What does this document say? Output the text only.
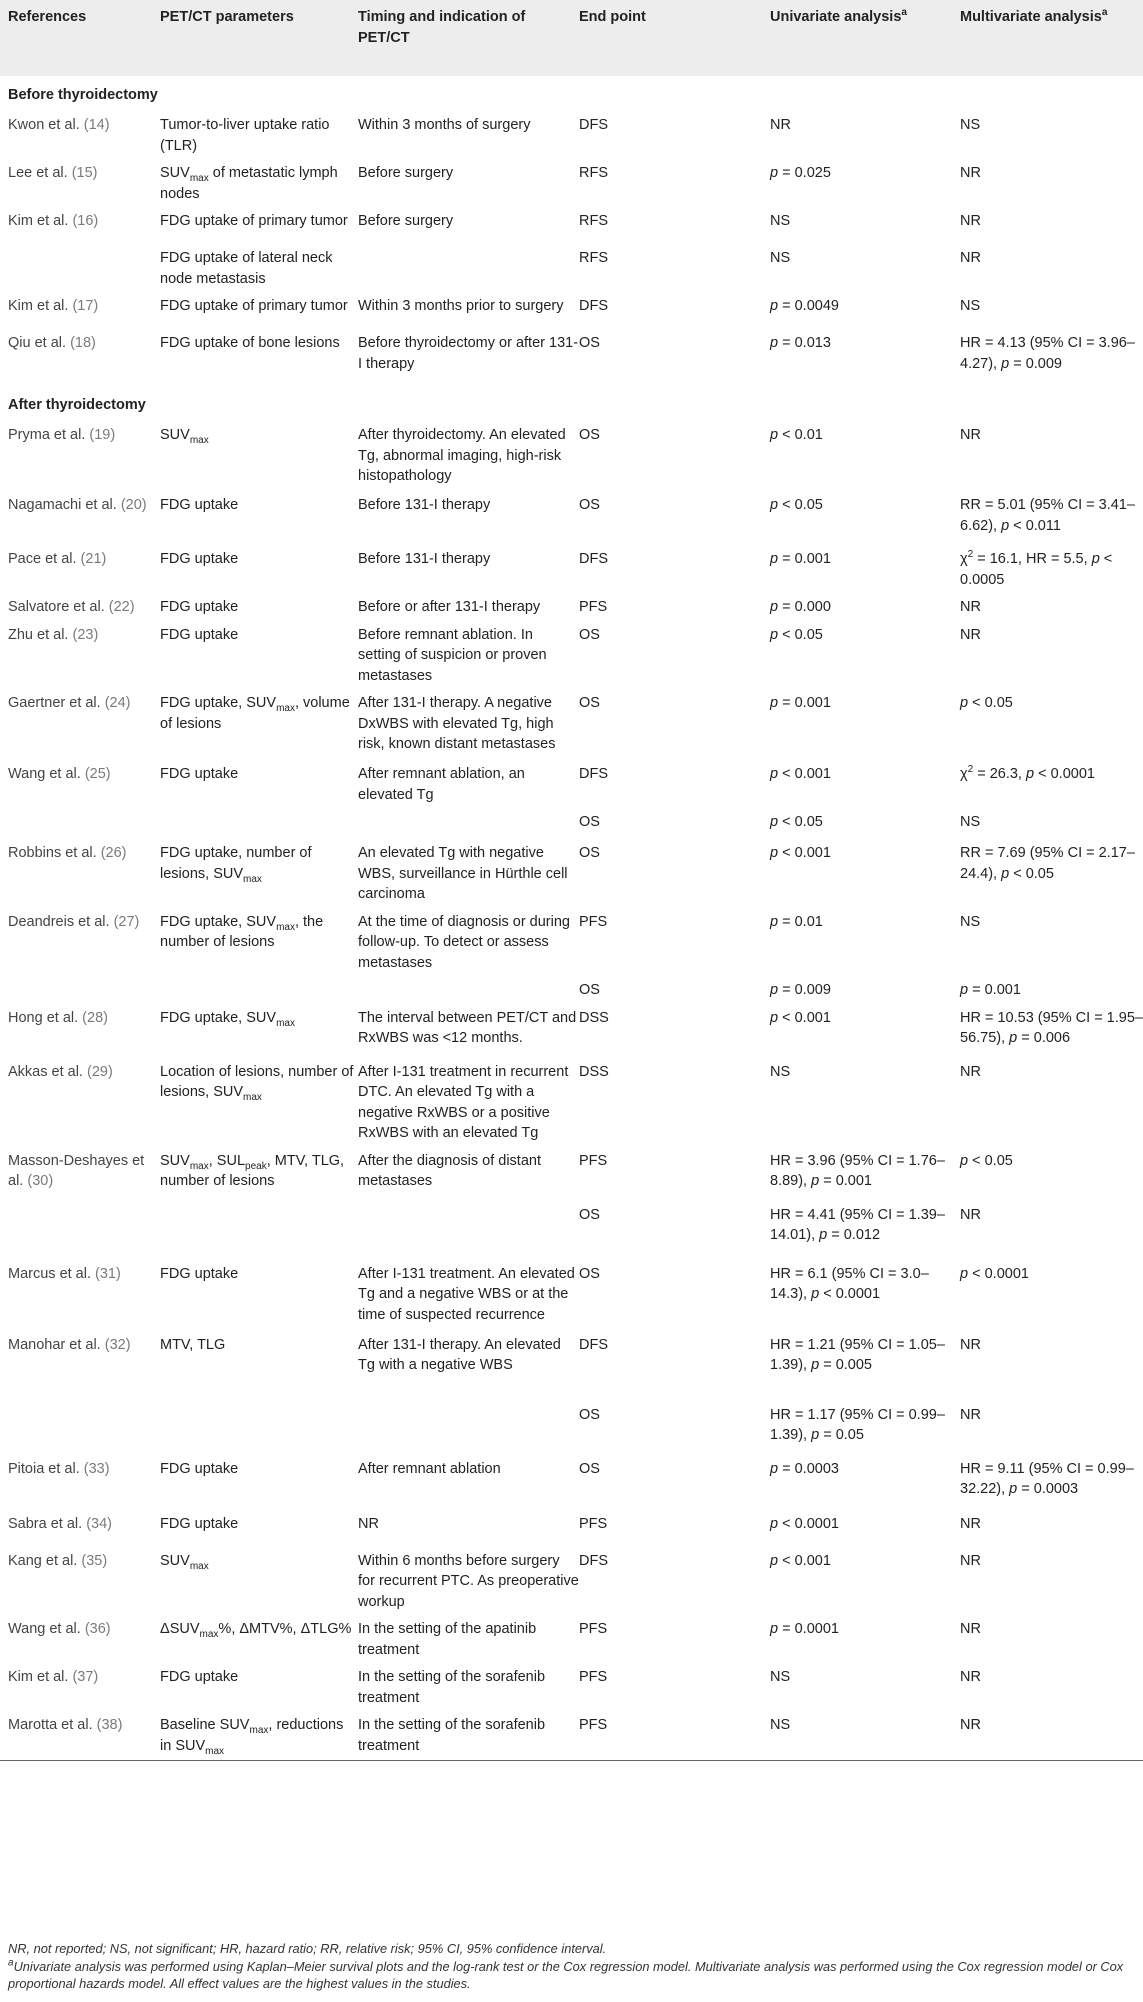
References	PET/CT parameters	Timing and indication of PET/CT	End point	Univariate analysis$^a$	Multivariate analysis$^a$
Before thyroidectomy					
Kwon et al. (14)	Tumor-to-liver uptake ratio (TLR)	Within 3 months of surgery	DFS	NR	NS
Lee et al. (15)	$SUV_{max}$ of metastatic lymph nodes	Before surgery	RFS	p = 0.025	NR
Kim et al. (16)	FDG uptake of primary tumor	Before surgery	RFS	NS	NR
	FDG uptake of lateral neck node metastasis		RFS	NS	NR
Kim et al. (17)	FDG uptake of primary tumor	Within 3 months prior to surgery	DFS	p = 0.0049	NS
Qiu et al. (18)	FDG uptake of bone lesions	Before thyroidectomy or after 131-I therapy	OS	p = 0.013	HR = 4.13 (95% CI = 3.96–4.27), p = 0.009
After thyroidectomy					
Pryma et al. (19)	$SUV_{max}$	After thyroidectomy. An elevated Tg, abnormal imaging, high-risk histopathology	OS	p < 0.01	NR
Nagamachi et al. (20)	FDG uptake	Before 131-I therapy	OS	p < 0.05	RR = 5.01 (95% CI = 3.41–6.62), p < 0.011
Pace et al. (21)	FDG uptake	Before 131-I therapy	DFS	p = 0.001	$\chi^2 = 16.1$, HR = 5.5, p < 0.0005
Salvatore et al. (22)	FDG uptake	Before or after 131-I therapy	PFS	p = 0.000	NR
Zhu et al. (23)	FDG uptake	Before remnant ablation. In setting of suspicion or proven metastases	OS	p < 0.05	NR
Gaertner et al. (24)	FDG uptake, $SUV_{max}$, volume of lesions	After 131-I therapy. A negative DxWBS with elevated Tg, high risk, known distant metastases	OS	p = 0.001	p < 0.05
Wang et al. (25)	FDG uptake	After remnant ablation, an elevated Tg	DFS	p < 0.001	$\chi^2 = 26.3$, p < 0.0001
			OS	p < 0.05	NS
Robbins et al. (26)	FDG uptake, number of lesions, $SUV_{max}$	An elevated Tg with negative WBS, surveillance in Hürthle cell carcinoma	OS	p < 0.001	RR = 7.69 (95% CI = 2.17–24.4), p < 0.05
Deandreis et al. (27)	FDG uptake, $SUV_{max}$, the number of lesions	At the time of diagnosis or during follow-up. To detect or assess metastases	PFS	p = 0.01	NS
			OS	p = 0.009	p = 0.001
Hong et al. (28)	FDG uptake, $SUV_{max}$	The interval between PET/CT and RxWBS was <12 months.	DSS	p < 0.001	HR = 10.53 (95% CI = 1.95–56.75), p = 0.006
Akkas et al. (29)	Location of lesions, number of lesions, $SUV_{max}$	After I-131 treatment in recurrent DTC. An elevated Tg with a negative RxWBS or a positive RxWBS with an elevated Tg	DSS	NS	NR
Masson-Deshayes et al. (30)	$SUV_{max}$, $SUL_{peak}$, MTV, TLG, number of lesions	After the diagnosis of distant metastases	PFS	HR = 3.96 (95% CI = 1.76–8.89), p = 0.001	p < 0.05
			OS	HR = 4.41 (95% CI = 1.39–14.01), p = 0.012	NR
Marcus et al. (31)	FDG uptake	After I-131 treatment. An elevated Tg and a negative WBS or at the time of suspected recurrence	OS	HR = 6.1 (95% CI = 3.0–14.3), p < 0.0001	p < 0.0001
Manohar et al. (32)	MTV, TLG	After 131-I therapy. An elevated Tg with a negative WBS	DFS	HR = 1.21 (95% CI = 1.05–1.39), p = 0.005	NR
			OS	HR = 1.17 (95% CI = 0.99–1.39), p = 0.05	NR
Pitoia et al. (33)	FDG uptake	After remnant ablation	OS	p = 0.0003	HR = 9.11 (95% CI = 0.99–32.22), p = 0.0003
Sabra et al. (34)	FDG uptake	NR	PFS	p < 0.0001	NR
Kang et al. (35)	$SUV_{max}$	Within 6 months before surgery for recurrent PTC. As preoperative workup	DFS	p < 0.001	NR
Wang et al. (36)	$\Delta SUV_{max}\%$, ΔMTV%, ΔTLG%	In the setting of the apatinib treatment	PFS	p = 0.0001	NR
Kim et al. (37)	FDG uptake	In the setting of the sorafenib treatment	PFS	NS	NR
Marotta et al. (38)	Baseline $SUV_{max}$, reductions in $SUV_{max}$	In the setting of the sorafenib treatment	PFS	NS	NR

NR, not reported; NS, not significant; HR, hazard ratio; RR, relative risk; 95% CI, 95% confidence interval.

$^a$Univariate analysis was performed using Kaplan–Meier survival plots and the log-rank test or the Cox regression model. Multivariate analysis was performed using the Cox regression model or Cox proportional hazards model. All effect values are the highest values in the studies.
